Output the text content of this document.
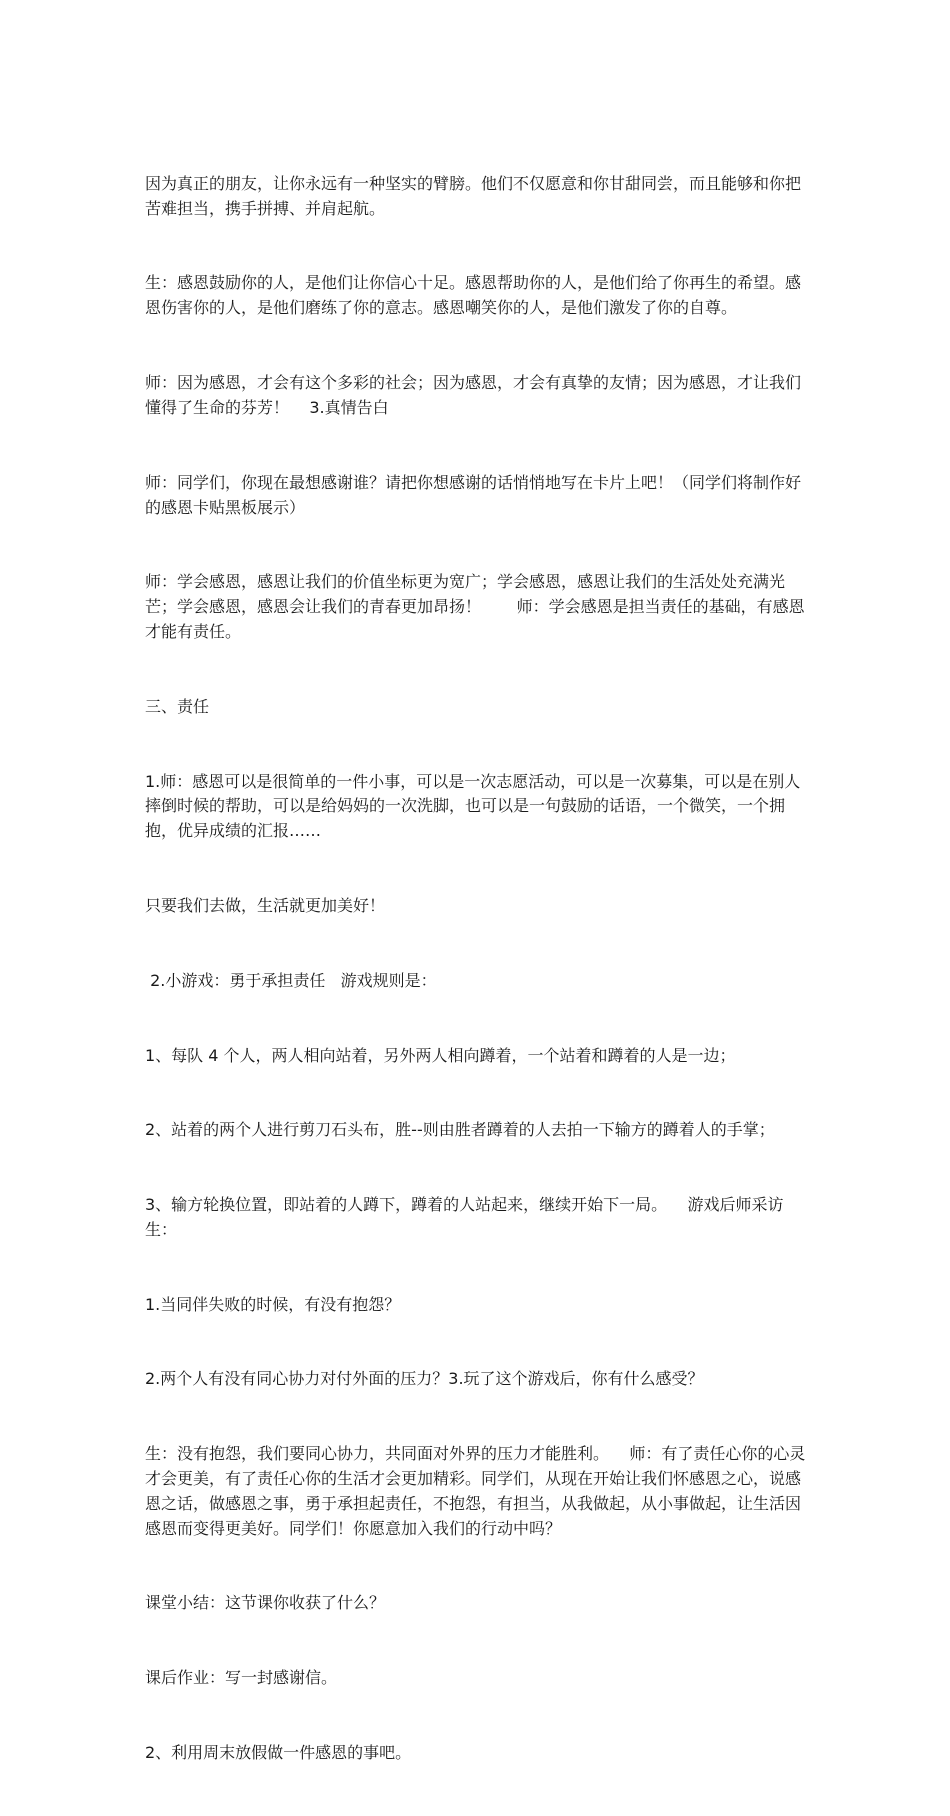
因为真正的朋友，让你永远有一种坚实的臂膀。他们不仅愿意和你甘甜同尝，而且能够和你把苦难担当，携手拼搏、并肩起航。

生：感恩鼓励你的人，是他们让你信心十足。感恩帮助你的人，是他们给了你再生的希望。感恩伤害你的人，是他们磨练了你的意志。感恩嘲笑你的人，是他们激发了你的自尊。

师：因为感恩，才会有这个多彩的社会；因为感恩，才会有真挚的友情；因为感恩，才让我们懂得了生命的芬芳！    3.真情告白

师：同学们，你现在最想感谢谁？请把你想感谢的话悄悄地写在卡片上吧！（同学们将制作好的感恩卡贴黑板展示）

师：学会感恩，感恩让我们的价值坐标更为宽广；学会感恩，感恩让我们的生活处处充满光芒；学会感恩，感恩会让我们的青春更加昂扬！       师：学会感恩是担当责任的基础，有感恩才能有责任。

三、责任

1.师：感恩可以是很简单的一件小事，可以是一次志愿活动，可以是一次募集，可以是在别人摔倒时候的帮助，可以是给妈妈的一次洗脚，也可以是一句鼓励的话语，一个微笑，一个拥抱，优异成绩的汇报……

只要我们去做，生活就更加美好！

2.小游戏：勇于承担责任   游戏规则是：

1、每队 4 个人，两人相向站着，另外两人相向蹲着，一个站着和蹲着的人是一边；

2、站着的两个人进行剪刀石头布，胜--则由胜者蹲着的人去拍一下输方的蹲着人的手掌；

3、输方轮换位置，即站着的人蹲下，蹲着的人站起来，继续开始下一局。    游戏后师采访生：

1.当同伴失败的时候，有没有抱怨？

2.两个人有没有同心协力对付外面的压力？3.玩了这个游戏后，你有什么感受？

生：没有抱怨，我们要同心协力，共同面对外界的压力才能胜利。    师：有了责任心你的心灵才会更美，有了责任心你的生活才会更加精彩。同学们，从现在开始让我们怀感恩之心，说感恩之话，做感恩之事，勇于承担起责任，不抱怨，有担当，从我做起，从小事做起，让生活因感恩而变得更美好。同学们！你愿意加入我们的行动中吗？

课堂小结：这节课你收获了什么？

课后作业：写一封感谢信。

2、利用周末放假做一件感恩的事吧。
